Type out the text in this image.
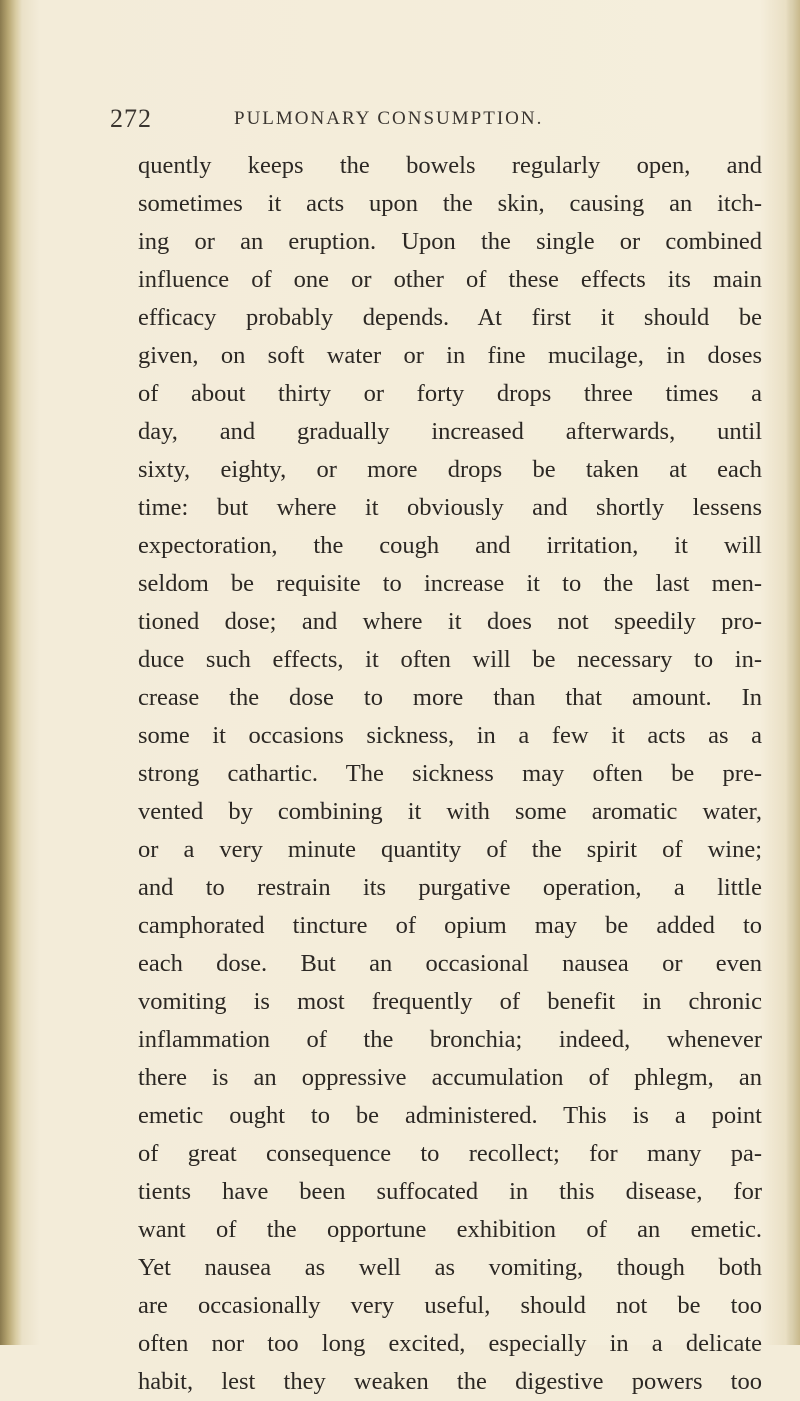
272	PULMONARY CONSUMPTION.
quently keeps the bowels regularly open, and
sometimes it acts upon the skin, causing an itch-
ing or an eruption. Upon the single or combined
influence of one or other of these effects its main
efficacy probably depends. At first it should be
given, on soft water or in fine mucilage, in doses
of about thirty or forty drops three times a
day, and gradually increased afterwards, until
sixty, eighty, or more drops be taken at each
time: but where it obviously and shortly lessens
expectoration, the cough and irritation, it will
seldom be requisite to increase it to the last men-
tioned dose; and where it does not speedily pro-
duce such effects, it often will be necessary to in-
crease the dose to more than that amount. In
some it occasions sickness, in a few it acts as a
strong cathartic. The sickness may often be pre-
vented by combining it with some aromatic water,
or a very minute quantity of the spirit of wine;
and to restrain its purgative operation, a little
camphorated tincture of opium may be added to
each dose. But an occasional nausea or even
vomiting is most frequently of benefit in chronic
inflammation of the bronchia; indeed, whenever
there is an oppressive accumulation of phlegm, an
emetic ought to be administered. This is a point
of great consequence to recollect; for many pa-
tients have been suffocated in this disease, for
want of the opportune exhibition of an emetic.
Yet nausea as well as vomiting, though both
are occasionally very useful, should not be too
often nor too long excited, especially in a delicate
habit, lest they weaken the digestive powers too
